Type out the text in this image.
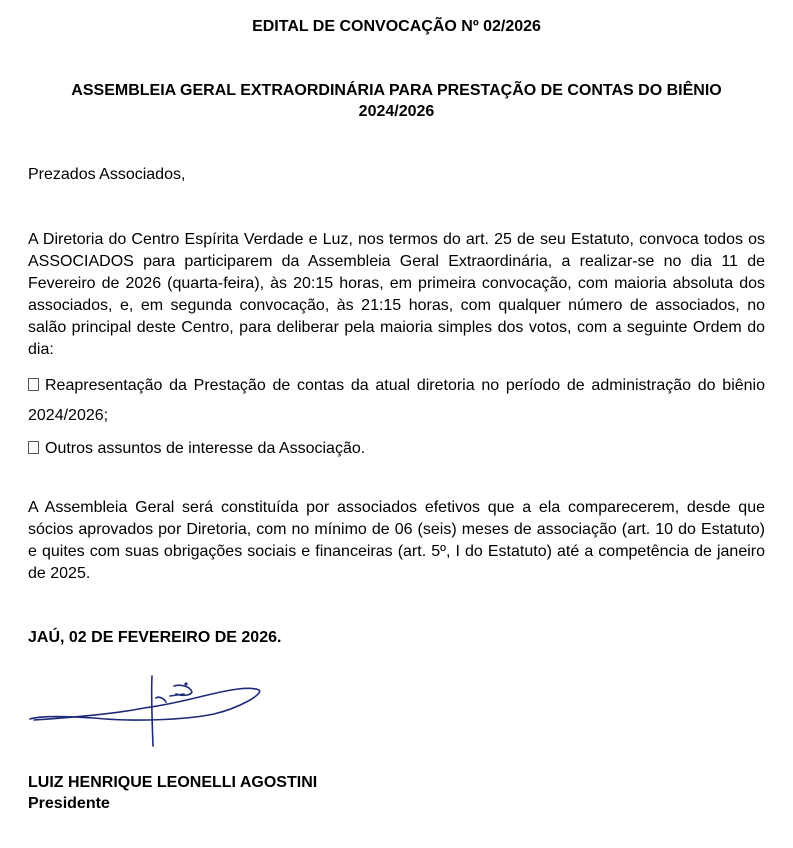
EDITAL DE CONVOCAÇÃO Nº 02/2026
ASSEMBLEIA GERAL EXTRAORDINÁRIA PARA PRESTAÇÃO DE CONTAS DO BIÊNIO 2024/2026
Prezados Associados,
A Diretoria do Centro Espírita Verdade e Luz, nos termos do art. 25 de seu Estatuto, convoca todos os ASSOCIADOS para participarem da Assembleia Geral Extraordinária, a realizar-se no dia 11 de Fevereiro de 2026 (quarta-feira), às 20:15 horas, em primeira convocação, com maioria absoluta dos associados, e, em segunda convocação, às 21:15 horas, com qualquer número de associados, no salão principal deste Centro, para deliberar pela maioria simples dos votos, com a seguinte Ordem do dia:
Reapresentação da Prestação de contas da atual diretoria no período de administração do biênio 2024/2026;
Outros assuntos de interesse da Associação.
A Assembleia Geral será constituída por associados efetivos que a ela comparecerem, desde que sócios aprovados por Diretoria, com no mínimo de 06 (seis) meses de associação (art. 10 do Estatuto) e quites com suas obrigações sociais e financeiras (art. 5º, I do Estatuto) até a competência de janeiro de 2025.
JAÚ, 02 DE FEVEREIRO DE 2026.
LUIZ HENRIQUE LEONELLI AGOSTINI
Presidente
